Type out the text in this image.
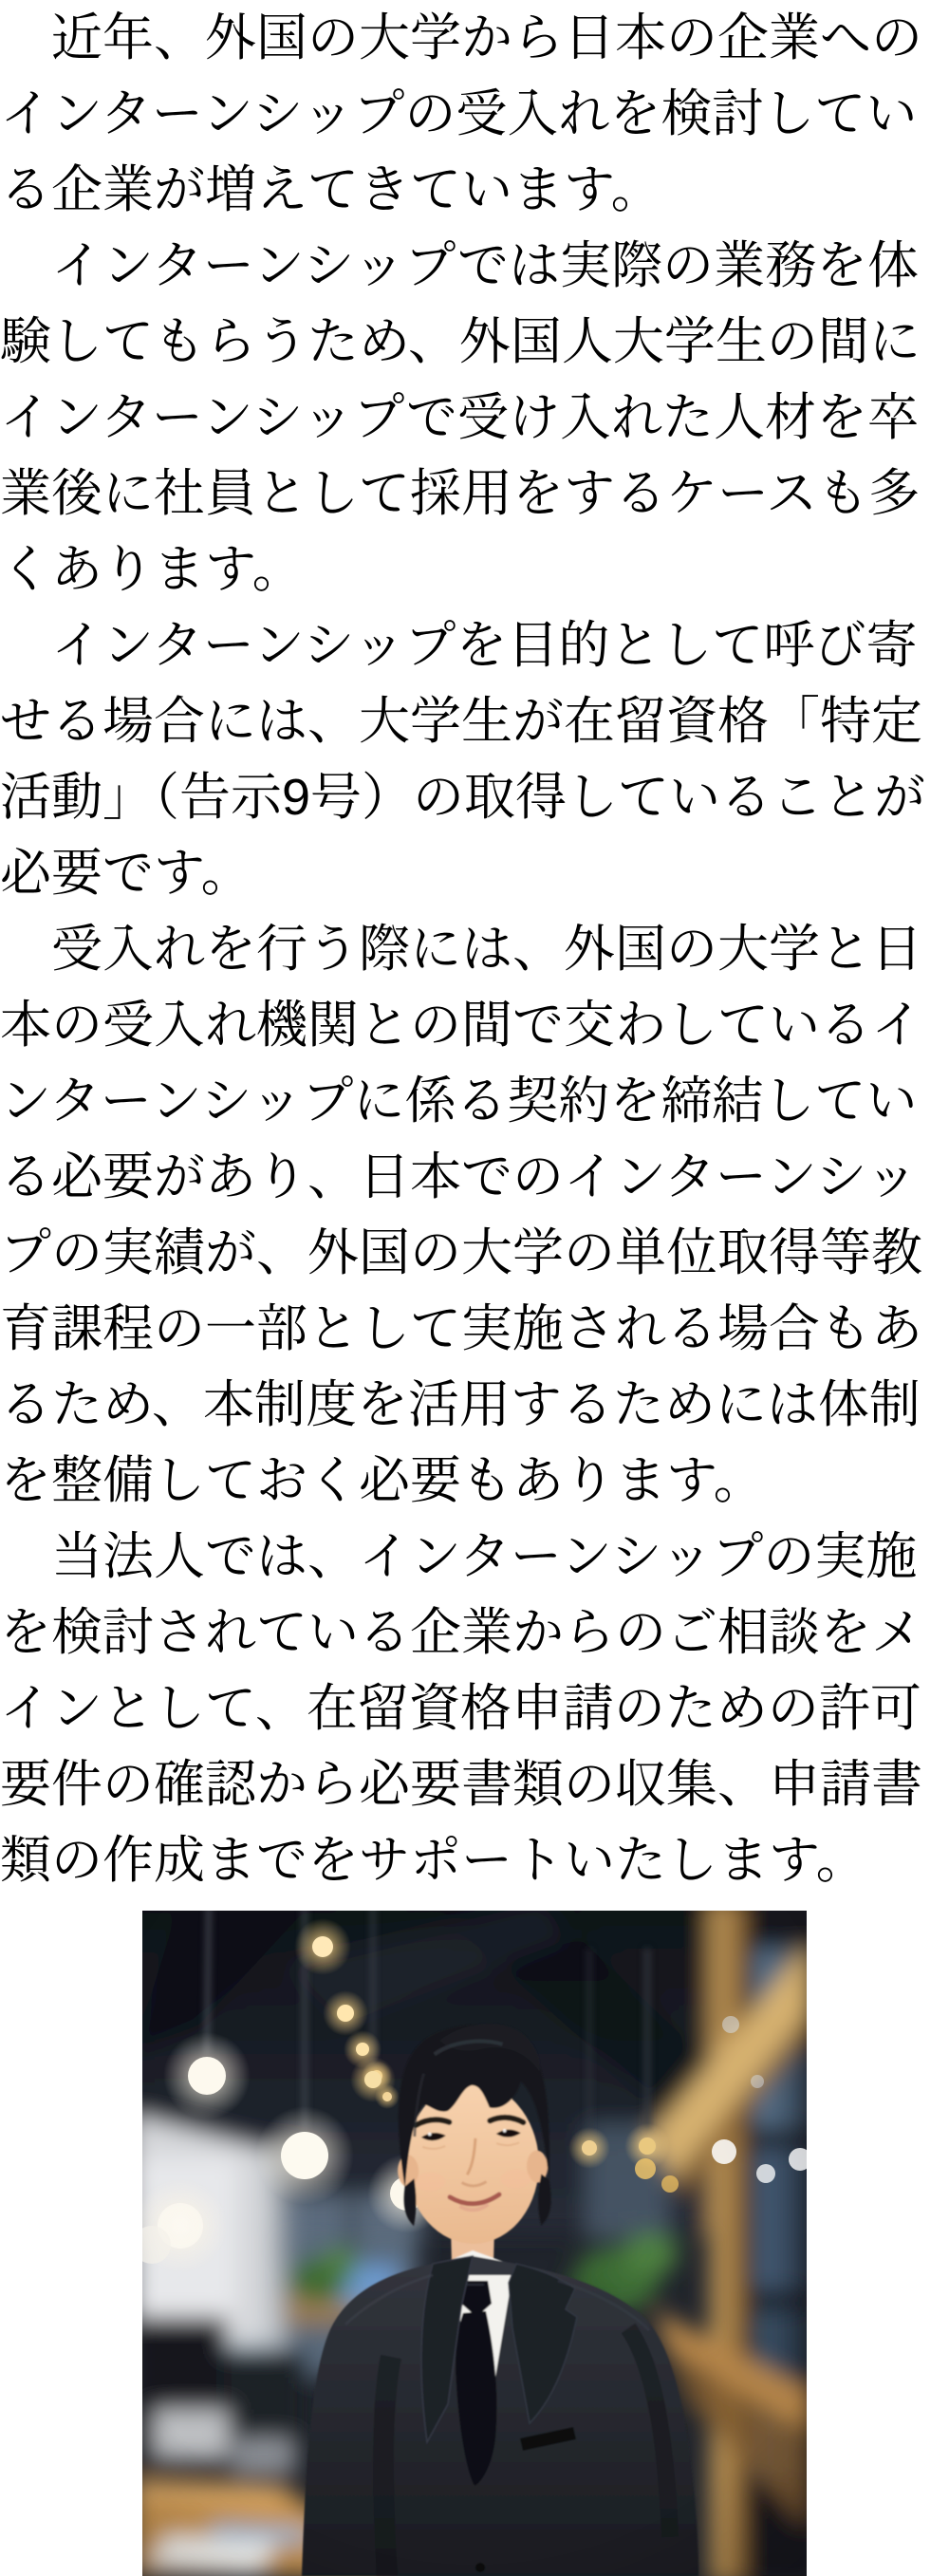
　近年、外国の大学から日本の企業への
インターンシップの受入れを検討してい
る企業が増えてきています。

　インターンシップでは実際の業務を体
験してもらうため、外国人大学生の間に
インターンシップで受け入れた人材を卒
業後に社員として採用をするケースも多
くあります。

　インターンシップを目的として呼び寄
せる場合には、大学生が在留資格「特定
活動」（告示9号）の取得していることが
必要です。

　受入れを行う際には、外国の大学と日
本の受入れ機関との間で交わしているイ
ンターンシップに係る契約を締結してい
る必要があり、日本でのインターンシッ
プの実績が、外国の大学の単位取得等教
育課程の一部として実施される場合もあ
るため、本制度を活用するためには体制
を整備しておく必要もあります。

　当法人では、インターンシップの実施
を検討されている企業からのご相談をメ
インとして、在留資格申請のための許可
要件の確認から必要書類の収集、申請書
類の作成までをサポートいたします。
